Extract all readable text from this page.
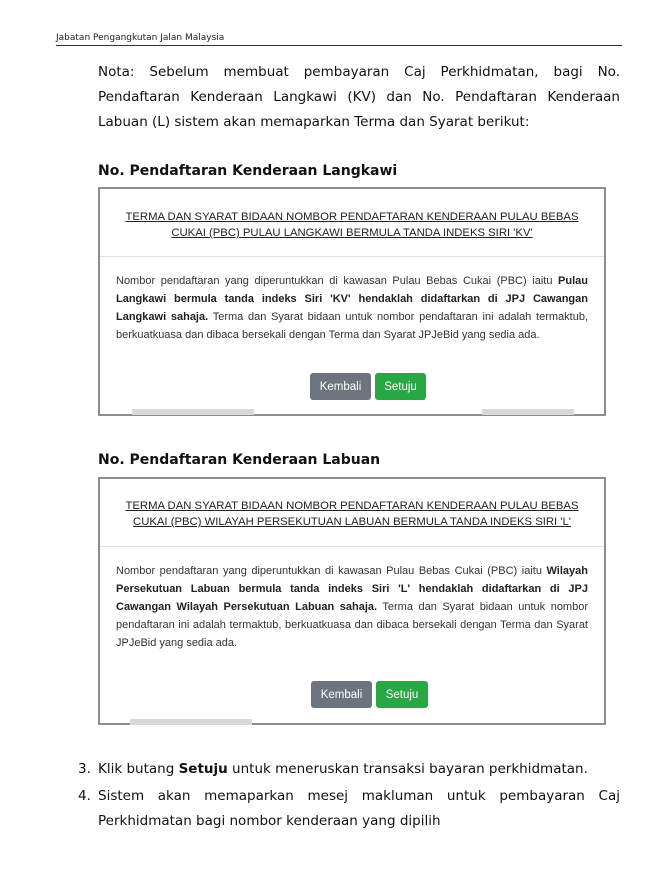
Jabatan Pengangkutan Jalan Malaysia
Nota: Sebelum membuat pembayaran Caj Perkhidmatan, bagi No. Pendaftaran Kenderaan Langkawi (KV) dan No. Pendaftaran Kenderaan Labuan (L) sistem akan memaparkan Terma dan Syarat berikut:
No. Pendaftaran Kenderaan Langkawi
TERMA DAN SYARAT BIDAAN NOMBOR PENDAFTARAN KENDERAAN PULAU BEBAS CUKAI (PBC) PULAU LANGKAWI BERMULA TANDA INDEKS SIRI 'KV'
Nombor pendaftaran yang diperuntukkan di kawasan Pulau Bebas Cukai (PBC) iaitu Pulau Langkawi bermula tanda indeks Siri 'KV' hendaklah didaftarkan di JPJ Cawangan Langkawi sahaja. Terma dan Syarat bidaan untuk nombor pendaftaran ini adalah termaktub, berkuatkuasa dan dibaca bersekali dengan Terma dan Syarat JPJeBid yang sedia ada.
Kembali	Setuju
No. Pendaftaran Kenderaan Labuan
TERMA DAN SYARAT BIDAAN NOMBOR PENDAFTARAN KENDERAAN PULAU BEBAS CUKAI (PBC) WILAYAH PERSEKUTUAN LABUAN BERMULA TANDA INDEKS SIRI 'L'
Nombor pendaftaran yang diperuntukkan di kawasan Pulau Bebas Cukai (PBC) iaitu Wilayah Persekutuan Labuan bermula tanda indeks Siri 'L' hendaklah didaftarkan di JPJ Cawangan Wilayah Persekutuan Labuan sahaja. Terma dan Syarat bidaan untuk nombor pendaftaran ini adalah termaktub, berkuatkuasa dan dibaca bersekali dengan Terma dan Syarat JPJeBid yang sedia ada.
Kembali	Setuju
3. Klik butang Setuju untuk meneruskan transaksi bayaran perkhidmatan.
4. Sistem akan memaparkan mesej makluman untuk pembayaran Caj Perkhidmatan bagi nombor kenderaan yang dipilih
